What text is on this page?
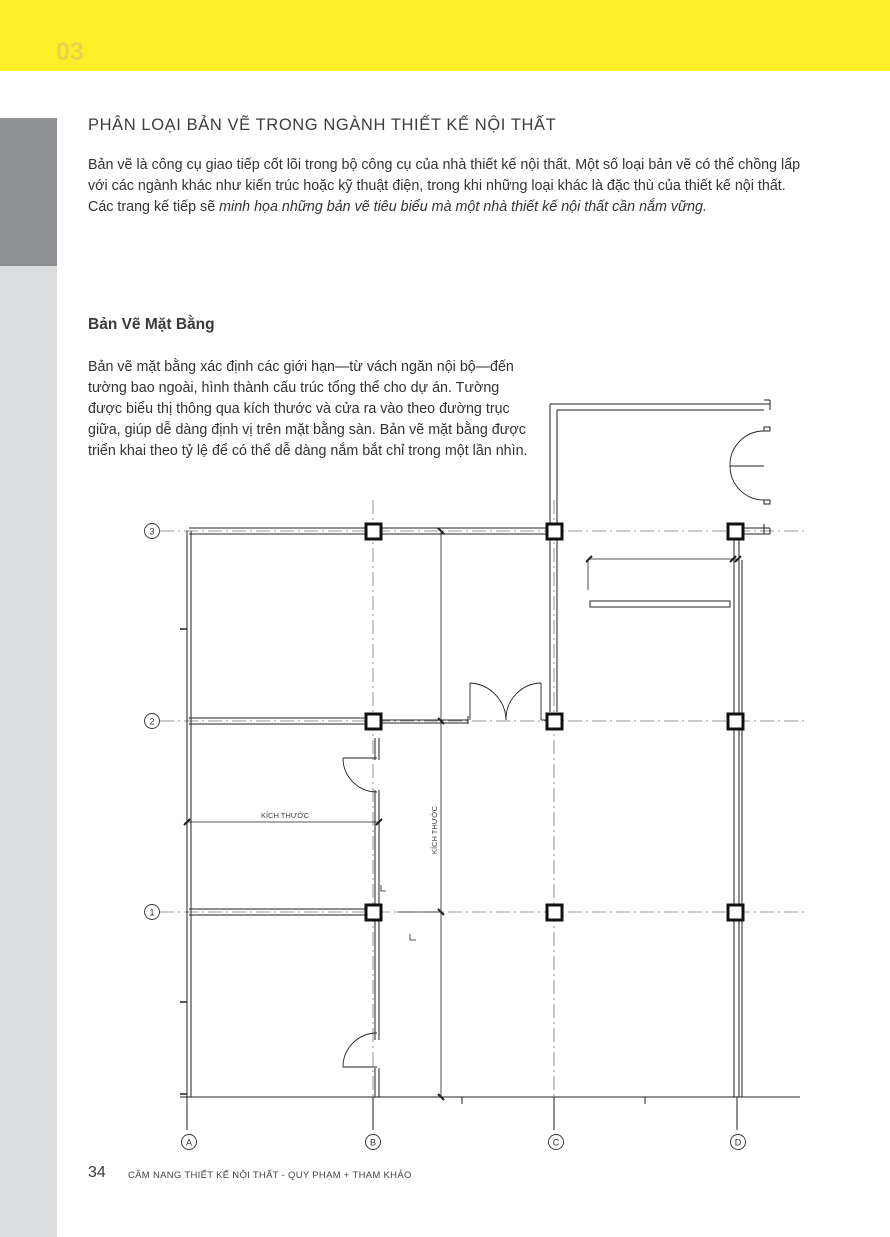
03
PHÂN LOẠI BẢN VẼ TRONG NGÀNH THIẾT KẾ NỘI THẤT

Bản vẽ là công cụ giao tiếp cốt lõi trong bộ công cụ của nhà thiết kế nội thất. Một số loại bản vẽ có thể chồng lấp với các ngành khác như kiến trúc hoặc kỹ thuật điện, trong khi những loại khác là đặc thù của thiết kế nội thất. Các trang kế tiếp sẽ minh họa những bản vẽ tiêu biểu mà một nhà thiết kế nội thất cần nắm vững.

Bản Vẽ Mặt Bằng

Bản vẽ mặt bằng xác định các giới hạn—từ vách ngăn nội bộ—đến tường bao ngoài, hình thành cấu trúc tổng thể cho dự án. Tường được biểu thị thông qua kích thước và cửa ra vào theo đường trục giữa, giúp dễ dàng định vị trên mặt bằng sàn. Bản vẽ mặt bằng được triển khai theo tỷ lệ để có thể dễ dàng nắm bắt chỉ trong một lần nhìn.

3
2
1
A	B	C	D
KÍCH THƯỚC	KÍCH THƯỚC
34 CẨM NANG THIẾT KẾ NỘI THẤT - QUY PHẠM + THAM KHẢO
